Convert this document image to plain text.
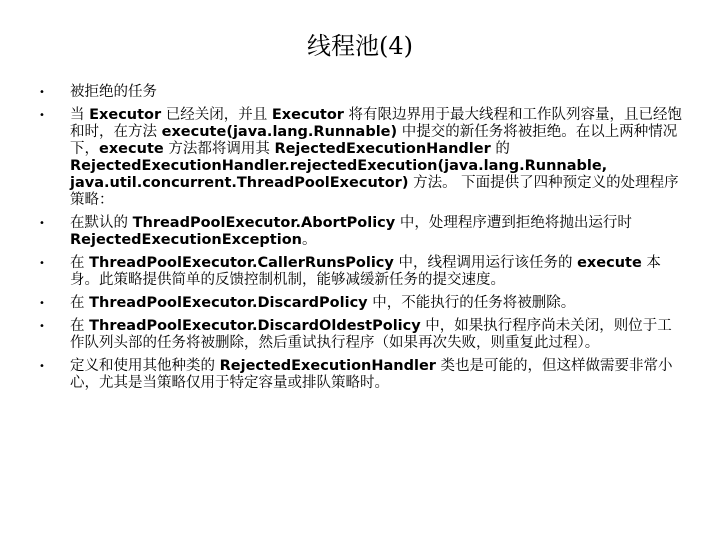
线程池(4)
• 被拒绝的任务
• 当 Executor 已经关闭，并且 Executor 将有限边界用于最大线程和工作队列容量，且已经饱和时，在方法 execute(java.lang.Runnable) 中提交的新任务将被拒绝。在以上两种情况下，execute 方法都将调用其 RejectedExecutionHandler 的 RejectedExecutionHandler.rejectedExecution(java.lang.Runnable, java.util.concurrent.ThreadPoolExecutor) 方法。 下面提供了四种预定义的处理程序策略：
• 在默认的 ThreadPoolExecutor.AbortPolicy 中，处理程序遭到拒绝将抛出运行时 RejectedExecutionException。
• 在 ThreadPoolExecutor.CallerRunsPolicy 中，线程调用运行该任务的 execute 本身。此策略提供简单的反馈控制机制，能够减缓新任务的提交速度。
• 在 ThreadPoolExecutor.DiscardPolicy 中，不能执行的任务将被删除。
• 在 ThreadPoolExecutor.DiscardOldestPolicy 中，如果执行程序尚未关闭，则位于工作队列头部的任务将被删除，然后重试执行程序（如果再次失败，则重复此过程）。
• 定义和使用其他种类的 RejectedExecutionHandler 类也是可能的，但这样做需要非常小心，尤其是当策略仅用于特定容量或排队策略时。
